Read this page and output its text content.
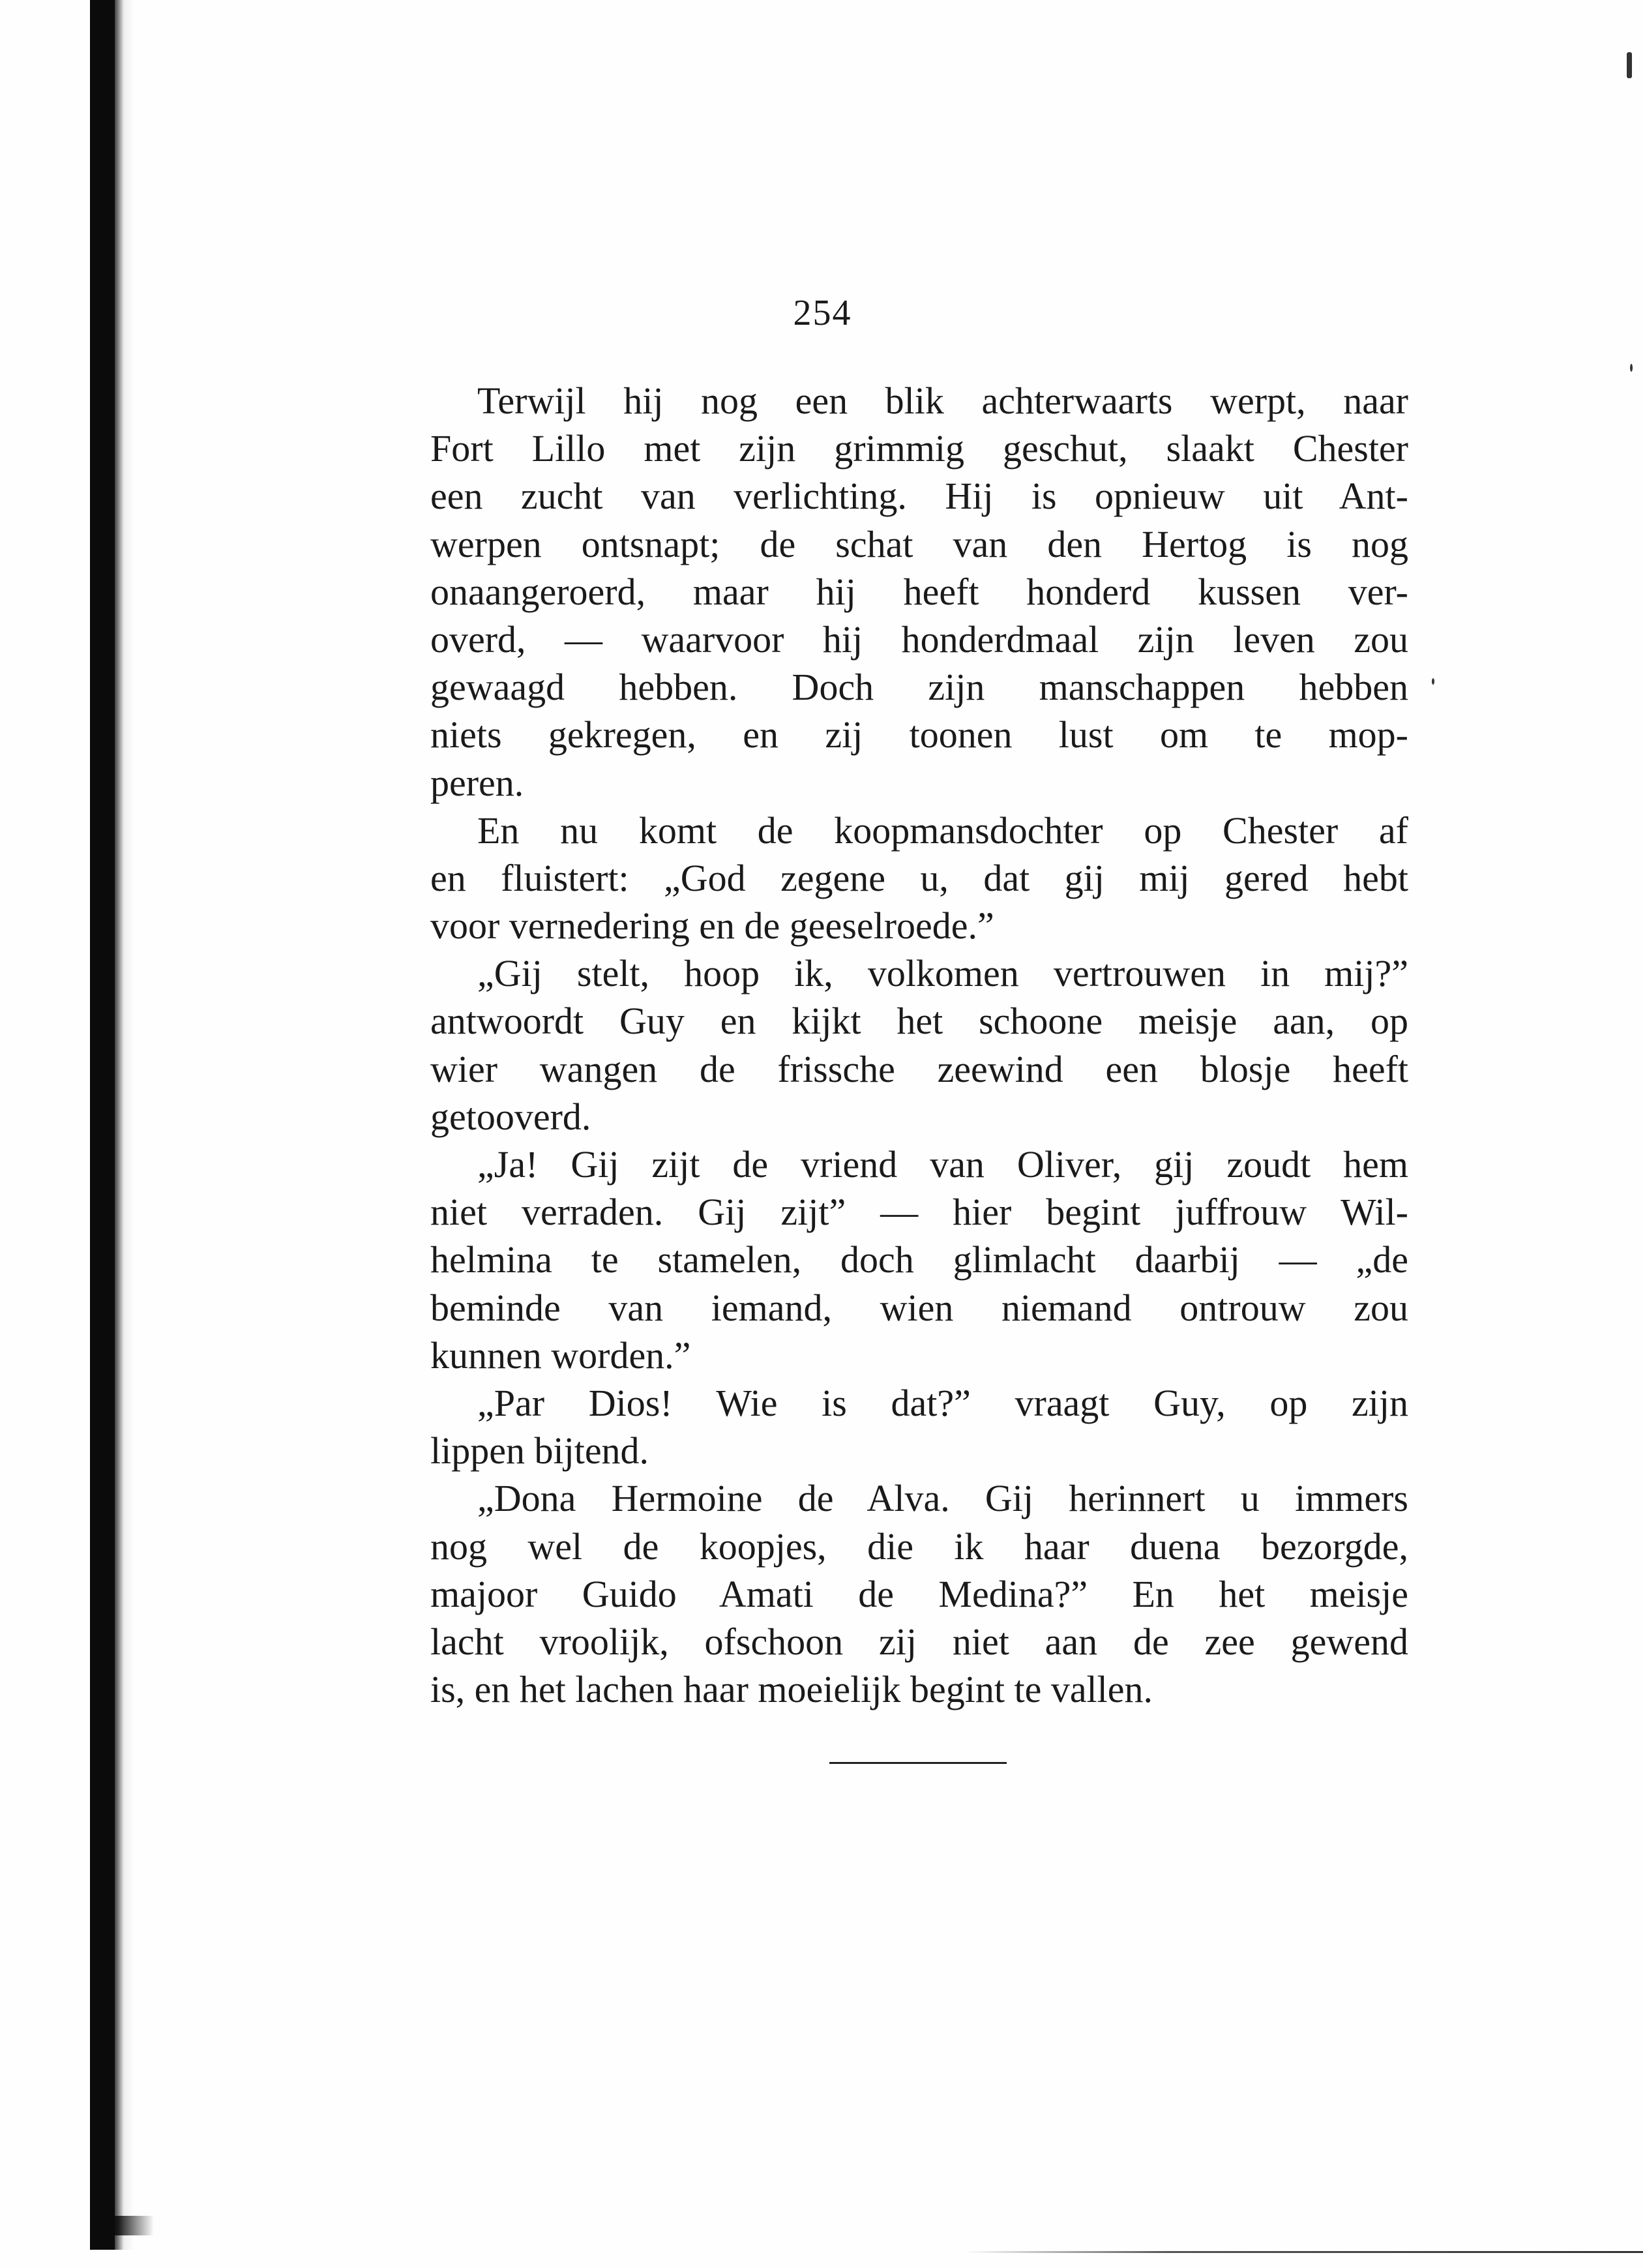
254
Terwijl hij nog een blik achterwaarts werpt, naar
Fort Lillo met zijn grimmig geschut, slaakt Chester
een zucht van verlichting. Hij is opnieuw uit Ant-
werpen ontsnapt; de schat van den Hertog is nog
onaangeroerd, maar hij heeft honderd kussen ver-
overd, — waarvoor hij honderdmaal zijn leven zou
gewaagd hebben. Doch zijn manschappen hebben
niets gekregen, en zij toonen lust om te mop-
peren.
En nu komt de koopmansdochter op Chester af
en fluistert: „God zegene u, dat gij mij gered hebt
voor vernedering en de geeselroede.”
„Gij stelt, hoop ik, volkomen vertrouwen in mij?”
antwoordt Guy en kijkt het schoone meisje aan, op
wier wangen de frissche zeewind een blosje heeft
getooverd.
„Ja! Gij zijt de vriend van Oliver, gij zoudt hem
niet verraden. Gij zijt” — hier begint juffrouw Wil-
helmina te stamelen, doch glimlacht daarbij — „de
beminde van iemand, wien niemand ontrouw zou
kunnen worden.”
„Par Dios! Wie is dat?” vraagt Guy, op zijn
lippen bijtend.
„Dona Hermoine de Alva. Gij herinnert u immers
nog wel de koopjes, die ik haar duena bezorgde,
majoor Guido Amati de Medina?” En het meisje
lacht vroolijk, ofschoon zij niet aan de zee gewend
is, en het lachen haar moeielijk begint te vallen.
